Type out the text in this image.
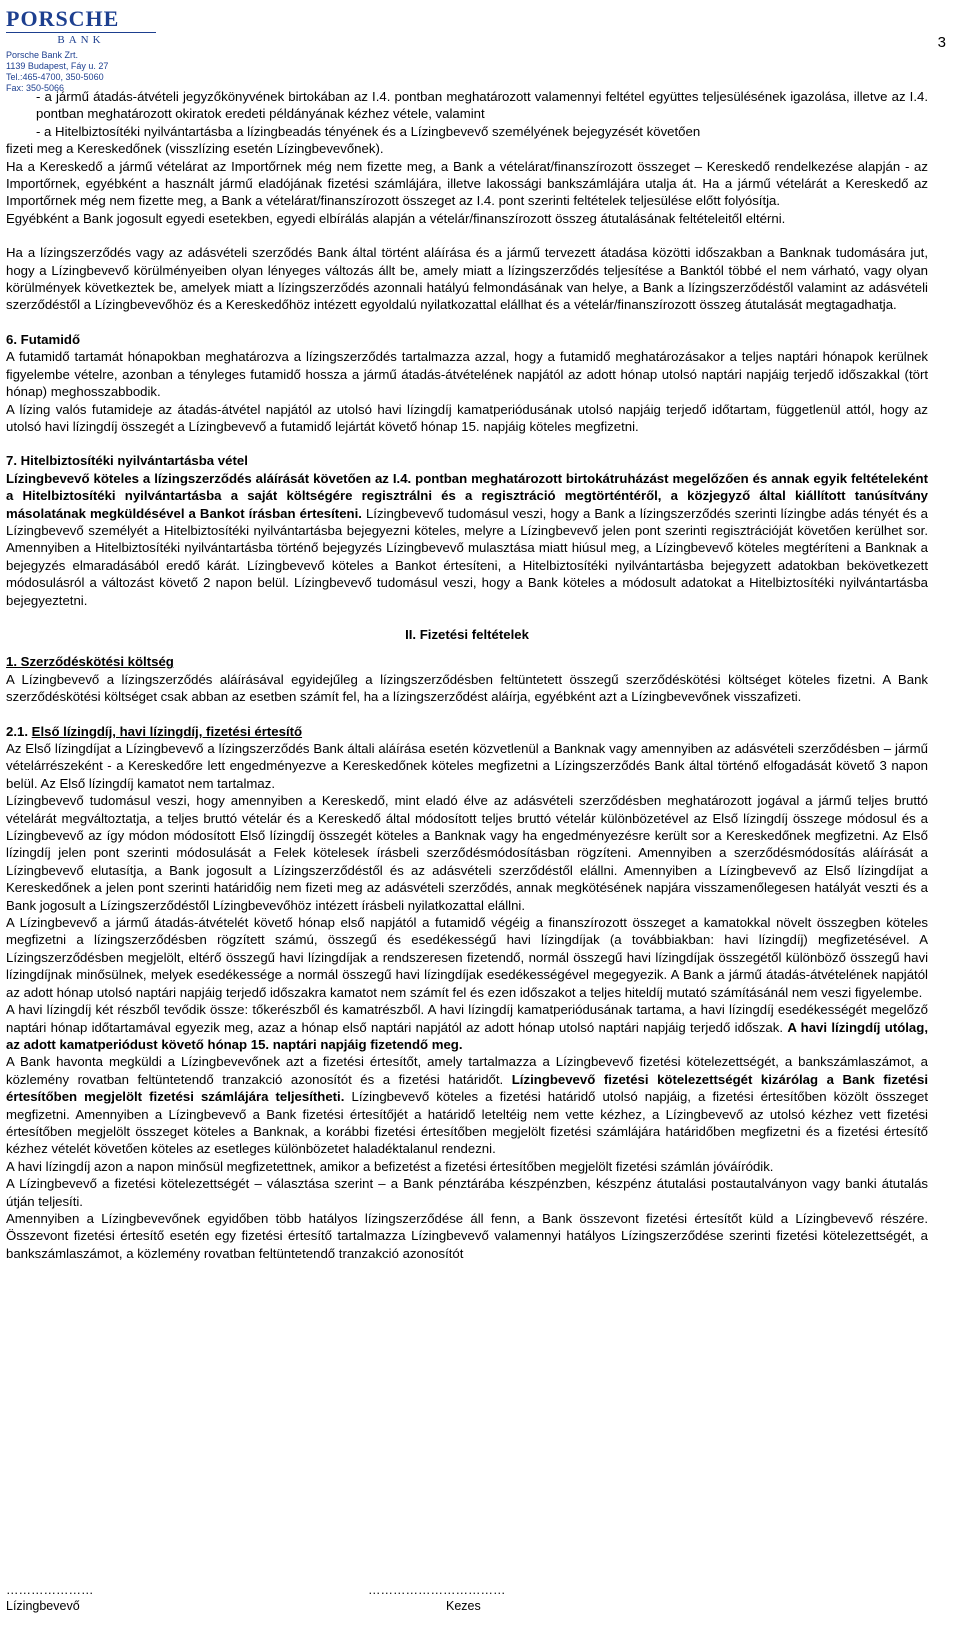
PORSCHE
BANK
Porsche Bank Zrt.
1139 Budapest, Fáy u. 27
Tel.:465-4700, 350-5060
Fax: 350-5066
3

- a jármű átadás-átvételi jegyzőkönyvének birtokában az I.4. pontban meghatározott valamennyi feltétel együttes teljesülésének igazolása, illetve az I.4. pontban meghatározott okiratok eredeti példányának kézhez vétele, valamint

- a Hitelbiztosítéki nyilvántartásba a lízingbeadás tényének és a Lízingbevevő személyének bejegyzését követően

fizeti meg a Kereskedőnek (visszlízing esetén Lízingbevevőnek).

Ha a Kereskedő a jármű vételárat az Importőrnek még nem fizette meg, a Bank a vételárat/finanszírozott összeget – Kereskedő rendelkezése alapján - az Importőrnek, egyébként a használt jármű eladójának fizetési számlájára, illetve lakossági bankszámlájára utalja át. Ha a jármű vételárát a Kereskedő az Importőrnek még nem fizette meg, a Bank a vételárat/finanszírozott összeget az I.4. pont szerinti feltételek teljesülése előtt folyósítja.

Egyébként a Bank jogosult egyedi esetekben, egyedi elbírálás alapján a vételár/finanszírozott összeg átutalásának feltételeitől eltérni.

Ha a lízingszerződés vagy az adásvételi szerződés Bank által történt aláírása és a jármű tervezett átadása közötti időszakban a Banknak tudomására jut, hogy a Lízingbevevő körülményeiben olyan lényeges változás állt be, amely miatt a lízingszerződés teljesítése a Banktól többé el nem várható, vagy olyan körülmények következtek be, amelyek miatt a lízingszerződés azonnali hatályú felmondásának van helye, a Bank a lízingszerződéstől valamint az adásvételi szerződéstől a Lízingbevevőhöz és a Kereskedőhöz intézett egyoldalú nyilatkozattal elállhat és a vételár/finanszírozott összeg átutalását megtagadhatja.

6. Futamidő

A futamidő tartamát hónapokban meghatározva a lízingszerződés tartalmazza azzal, hogy a futamidő meghatározásakor a teljes naptári hónapok kerülnek figyelembe vételre, azonban a tényleges futamidő hossza a jármű átadás-átvételének napjától az adott hónap utolsó naptári napjáig terjedő időszakkal (tört hónap) meghosszabbodik.

A lízing valós futamideje az átadás-átvétel napjától az utolsó havi lízingdíj kamatperiódusának utolsó napjáig terjedő időtartam, függetlenül attól, hogy az utolsó havi lízingdíj összegét a Lízingbevevő a futamidő lejártát követő hónap 15. napjáig köteles megfizetni.

7. Hitelbiztosítéki nyilvántartásba vétel

Lízingbevevő köteles a lízingszerződés aláírását követően az I.4. pontban meghatározott birtokátruházást megelőzően és annak egyik feltételeként a Hitelbiztosítéki nyilvántartásba a saját költségére regisztrálni és a regisztráció megtörténtéről, a közjegyző által kiállított tanúsítvány másolatának megküldésével a Bankot írásban értesíteni. Lízingbevevő tudomásul veszi, hogy a Bank a lízingszerződés szerinti lízingbe adás tényét és a Lízingbevevő személyét a Hitelbiztosítéki nyilvántartásba bejegyezni köteles, melyre a Lízingbevevő jelen pont szerinti regisztrációját követően kerülhet sor. Amennyiben a Hitelbiztosítéki nyilvántartásba történő bejegyzés Lízingbevevő mulasztása miatt hiúsul meg, a Lízingbevevő köteles megtéríteni a Banknak a bejegyzés elmaradásából eredő kárát. Lízingbevevő köteles a Bankot értesíteni, a Hitelbiztosítéki nyilvántartásba bejegyzett adatokban bekövetkezett módosulásról a változást követő 2 napon belül. Lízingbevevő tudomásul veszi, hogy a Bank köteles a módosult adatokat a Hitelbiztosítéki nyilvántartásba bejegyeztetni.

II. Fizetési feltételek

1. Szerződéskötési költség

A Lízingbevevő a lízingszerződés aláírásával egyidejűleg a lízingszerződésben feltüntetett összegű szerződéskötési költséget köteles fizetni. A Bank szerződéskötési költséget csak abban az esetben számít fel, ha a lízingszerződést aláírja, egyébként azt a Lízingbevevőnek visszafizeti.

2.1. Első lízingdíj, havi lízingdíj, fizetési értesítő

Az Első lízingdíjat a Lízingbevevő a lízingszerződés Bank általi aláírása esetén közvetlenül a Banknak vagy amennyiben az adásvételi szerződésben – jármű vételárrészeként - a Kereskedőre lett engedményezve a Kereskedőnek köteles megfizetni a Lízingszerződés Bank által történő elfogadását követő 3 napon belül. Az Első lízingdíj kamatot nem tartalmaz.

Lízingbevevő tudomásul veszi, hogy amennyiben a Kereskedő, mint eladó élve az adásvételi szerződésben meghatározott jogával a jármű teljes bruttó vételárát megváltoztatja, a teljes bruttó vételár és a Kereskedő által módosított teljes bruttó vételár különbözetével az Első lízingdíj összege módosul és a Lízingbevevő az így módon módosított Első lízingdíj összegét köteles a Banknak vagy ha engedményezésre került sor a Kereskedőnek megfizetni. Az Első lízingdíj jelen pont szerinti módosulását a Felek kötelesek írásbeli szerződésmódosításban rögzíteni. Amennyiben a szerződésmódosítás aláírását a Lízingbevevő elutasítja, a Bank jogosult a Lízingszerződéstől és az adásvételi szerződéstől elállni. Amennyiben a Lízingbevevő az Első lízingdíjat a Kereskedőnek a jelen pont szerinti határidőig nem fizeti meg az adásvételi szerződés, annak megkötésének napjára visszamenőlegesen hatályát veszti és a Bank jogosult a Lízingszerződéstől Lízingbevevőhöz intézett írásbeli nyilatkozattal elállni.

A Lízingbevevő a jármű átadás-átvételét követő hónap első napjától a futamidő végéig a finanszírozott összeget a kamatokkal növelt összegben köteles megfizetni a lízingszerződésben rögzített számú, összegű és esedékességű havi lízingdíjak (a továbbiakban: havi lízingdíj) megfizetésével. A Lízingszerződésben megjelölt, eltérő összegű havi lízingdíjak a rendszeresen fizetendő, normál összegű havi lízingdíjak összegétől különböző összegű havi lízingdíjnak minősülnek, melyek esedékessége a normál összegű havi lízingdíjak esedékességével megegyezik. A Bank a jármű átadás-átvételének napjától az adott hónap utolsó naptári napjáig terjedő időszakra kamatot nem számít fel és ezen időszakot a teljes hiteldíj mutató számításánál nem veszi figyelembe.

A havi lízingdíj két részből tevődik össze: tőkerészből és kamatrészből. A havi lízingdíj kamatperiódusának tartama, a havi lízingdíj esedékességét megelőző naptári hónap időtartamával egyezik meg, azaz a hónap első naptári napjától az adott hónap utolsó naptári napjáig terjedő időszak. A havi lízingdíj utólag, az adott kamatperiódust követő hónap 15. naptári napjáig fizetendő meg.

A Bank havonta megküldi a Lízingbevevőnek azt a fizetési értesítőt, amely tartalmazza a Lízingbevevő fizetési kötelezettségét, a bankszámlaszámot, a közlemény rovatban feltüntetendő tranzakció azonosítót és a fizetési határidőt. Lízingbevevő fizetési kötelezettségét kizárólag a Bank fizetési értesítőben megjelölt fizetési számlájára teljesítheti. Lízingbevevő köteles a fizetési határidő utolsó napjáig, a fizetési értesítőben közölt összeget megfizetni. Amennyiben a Lízingbevevő a Bank fizetési értesítőjét a határidő leteltéig nem vette kézhez, a Lízingbevevő az utolsó kézhez vett fizetési értesítőben megjelölt összeget köteles a Banknak, a korábbi fizetési értesítőben megjelölt fizetési számlájára határidőben megfizetni és a fizetési értesítő kézhez vételét követően köteles az esetleges különbözetet haladéktalanul rendezni.

A havi lízingdíj azon a napon minősül megfizetettnek, amikor a befizetést a fizetési értesítőben megjelölt fizetési számlán jóváíródik.

A Lízingbevevő a fizetési kötelezettségét – választása szerint – a Bank pénztárába készpénzben, készpénz átutalási postautalványon vagy banki átutalás útján teljesíti.

Amennyiben a Lízingbevevőnek egyidőben több hatályos lízingszerződése áll fenn, a Bank összevont fizetési értesítőt küld a Lízingbevevő részére. Összevont fizetési értesítő esetén egy fizetési értesítő tartalmazza Lízingbevevő valamennyi hatályos Lízingszerződése szerinti fizetési kötelezettségét, a bankszámlaszámot, a közlemény rovatban feltüntetendő tranzakció azonosítót

…………………
Lízingbevevő
……………………………
Kezes
